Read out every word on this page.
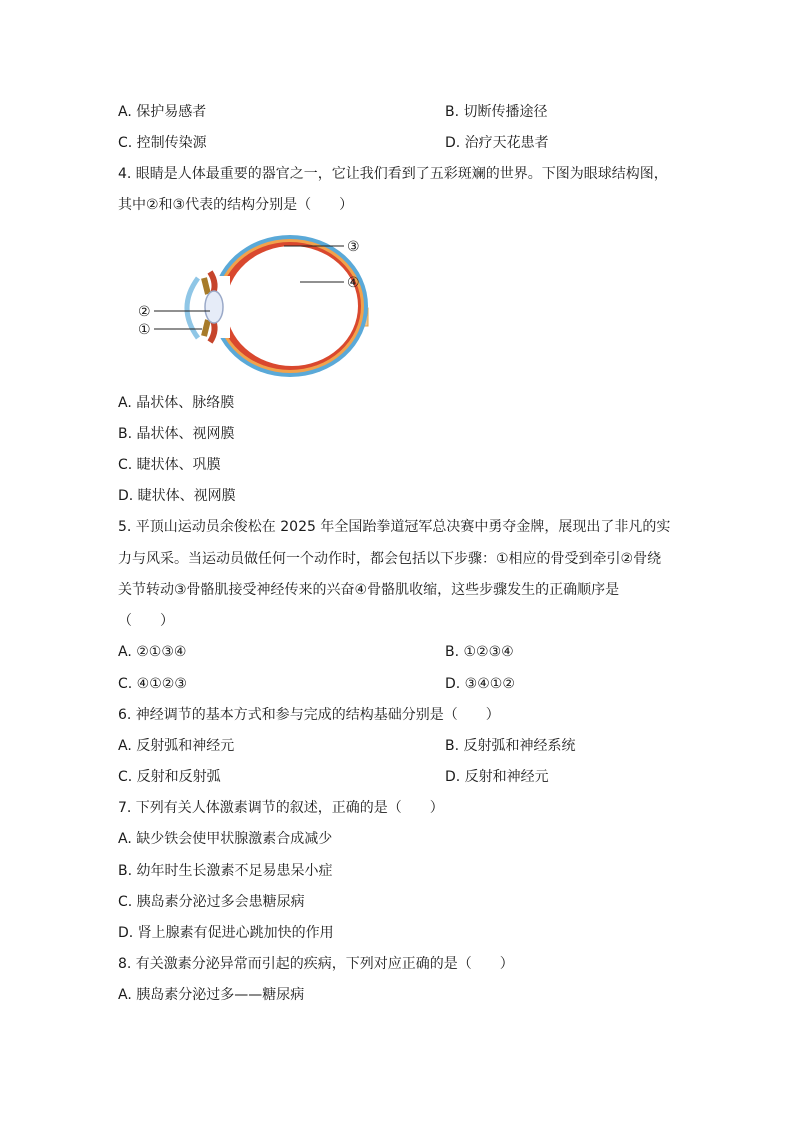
A. 保护易感者	B. 切断传播途径
C. 控制传染源	D. 治疗天花患者
4. 眼睛是人体最重要的器官之一，它让我们看到了五彩斑斓的世界。下图为眼球结构图，
其中②和③代表的结构分别是（　　）
③
④
②
①
A. 晶状体、脉络膜
B. 晶状体、视网膜
C. 睫状体、巩膜
D. 睫状体、视网膜
5. 平顶山运动员余俊松在 2025 年全国跆拳道冠军总决赛中勇夺金牌，展现出了非凡的实
力与风采。当运动员做任何一个动作时，都会包括以下步骤：①相应的骨受到牵引②骨绕
关节转动③骨骼肌接受神经传来的兴奋④骨骼肌收缩，这些步骤发生的正确顺序是
（　　）
A. ②①③④	B. ①②③④
C. ④①②③	D. ③④①②
6. 神经调节的基本方式和参与完成的结构基础分别是（　　）
A. 反射弧和神经元	B. 反射弧和神经系统
C. 反射和反射弧	D. 反射和神经元
7. 下列有关人体激素调节的叙述，正确的是（　　）
A. 缺少铁会使甲状腺激素合成减少
B. 幼年时生长激素不足易患呆小症
C. 胰岛素分泌过多会患糖尿病
D. 肾上腺素有促进心跳加快的作用
8. 有关激素分泌异常而引起的疾病，下列对应正确的是（　　）
A. 胰岛素分泌过多——糖尿病
